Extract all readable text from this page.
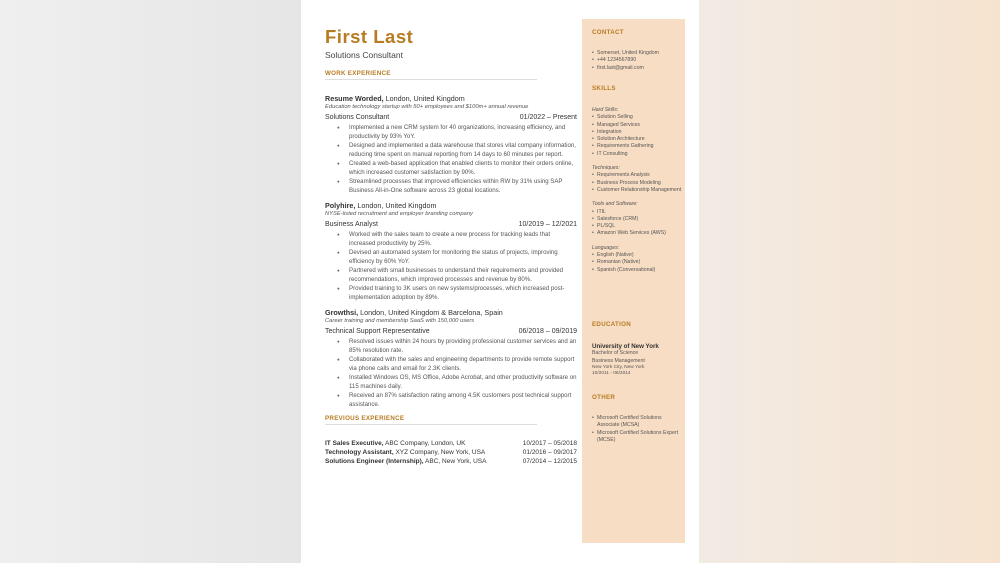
First Last
Solutions Consultant
WORK EXPERIENCE
Resume Worded, London, United Kingdom
Education technology startup with 50+ employees and $100m+ annual revenue
Solutions Consultant	01/2022 – Present
● Implemented a new CRM system for 40 organizations, increasing efficiency, and productivity by 93% YoY.
● Designed and implemented a data warehouse that stores vital company information, reducing time spent on manual reporting from 14 days to 60 minutes per report.
● Created a web-based application that enabled clients to monitor their orders online, which increased customer satisfaction by 90%.
● Streamlined processes that improved efficiencies within RW by 31% using SAP Business All-in-One software across 23 global locations.
Polyhire, London, United Kingdom
NYSE-listed recruitment and employer branding company
Business Analyst	10/2019 – 12/2021
● Worked with the sales team to create a new process for tracking leads that increased productivity by 25%.
● Devised an automated system for monitoring the status of projects, improving efficiency by 60% YoY.
● Partnered with small businesses to understand their requirements and provided recommendations, which improved processes and revenue by 80%.
● Provided training to 3K users on new systems/processes, which increased post-implementation adoption by 89%.
Growthsi, London, United Kingdom & Barcelona, Spain
Career training and membership SaaS with 150,000 users
Technical Support Representative	06/2018 – 09/2019
● Resolved issues within 24 hours by providing professional customer services and an 85% resolution rate.
● Collaborated with the sales and engineering departments to provide remote support via phone calls and email for 2.3K clients.
● Installed Windows OS, MS Office, Adobe Acrobat, and other productivity software on 115 machines daily.
● Received an 87% satisfaction rating among 4.5K customers post technical support assistance.
PREVIOUS EXPERIENCE
IT Sales Executive, ABC Company, London, UK	10/2017 – 05/2018
Technology Assistant, XYZ Company, New York, USA	01/2016 – 09/2017
Solutions Engineer (Internship), ABC, New York, USA	07/2014 – 12/2015
CONTACT
• Somerset, United Kingdom
• +44 1234567890
• first.last@gmail.com
SKILLS
Hard Skills:
• Solution Selling
• Managed Services
• Integration
• Solution Architecture
• Requirements Gathering
• IT Consulting
Techniques:
• Requirements Analysis
• Business Process Modeling
• Customer Relationship Management
Tools and Software:
• ITIL
• Salesforce (CRM)
• PL/SQL
• Amazon Web Services (AWS)
Languages:
• English (Native)
• Romanian (Native)
• Spanish (Conversational)
EDUCATION
University of New York
Bachelor of Science
Business Management
New York City, New York
10/2011 - 06/2014
OTHER
• Microsoft Certified Solutions Associate (MCSA)
• Microsoft Certified Solutions Expert (MCSE)
